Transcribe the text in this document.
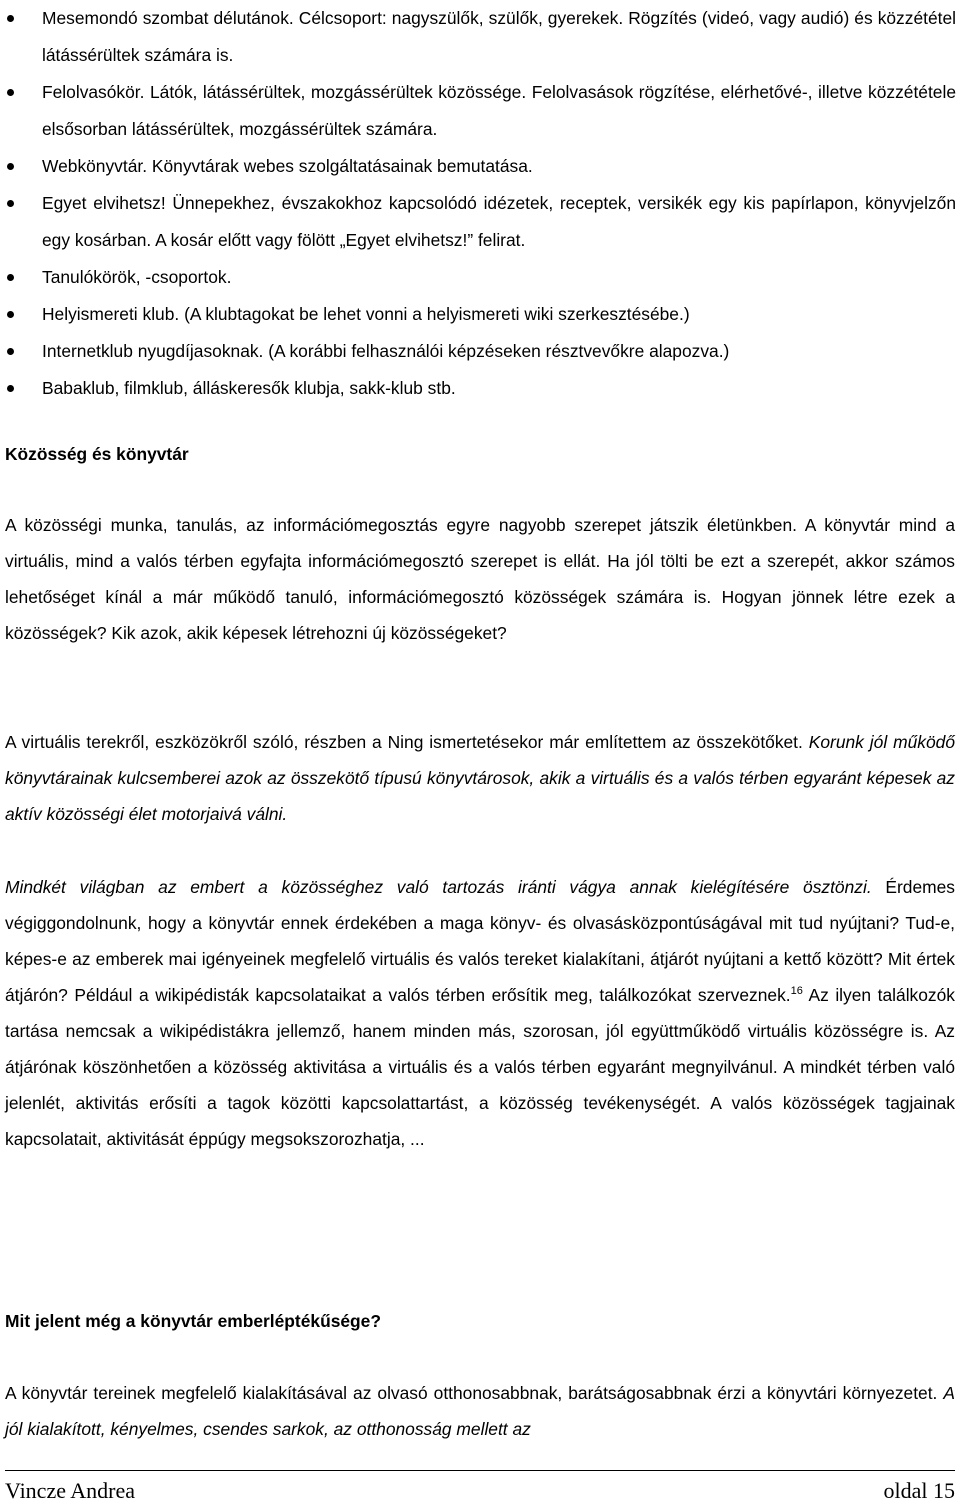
Mesemondó szombat délutánok. Célcsoport: nagyszülők, szülők, gyerekek. Rögzítés (videó, vagy audió) és közzététel látássérültek számára is.
Felolvasókör. Látók, látássérültek, mozgássérültek közössége. Felolvasások rögzítése, elérhetővé-, illetve közzététele elsősorban látássérültek, mozgássérültek számára.
Webkönyvtár. Könyvtárak webes szolgáltatásainak bemutatása.
Egyet elvihetsz! Ünnepekhez, évszakokhoz kapcsolódó idézetek, receptek, versikék egy kis papírlapon, könyvjelzőn egy kosárban. A kosár előtt vagy fölött „Egyet elvihetsz!” felirat.
Tanulókörök, -csoportok.
Helyismereti klub. (A klubtagokat be lehet vonni a helyismereti wiki szerkesztésébe.)
Internetklub nyugdíjasoknak. (A korábbi felhasználói képzéseken résztvevőkre alapozva.)
Babaklub, filmklub, álláskeresők klubja, sakk-klub stb.
Közösség és könyvtár

A közösségi munka, tanulás, az információmegosztás egyre nagyobb szerepet játszik életünkben. A könyvtár mind a virtuális, mind a valós térben egyfajta információmegosztó szerepet is ellát. Ha jól tölti be ezt a szerepét, akkor számos lehetőséget kínál a már működő tanuló, információmegosztó közösségek számára is. Hogyan jönnek létre ezek a közösségek? Kik azok, akik képesek létrehozni új közösségeket?

A virtuális terekről, eszközökről szóló, részben a Ning ismertetésekor már említettem az összekötőket. Korunk jól működő könyvtárainak kulcsemberei azok az összekötő típusú könyvtárosok, akik a virtuális és a valós térben egyaránt képesek az aktív közösségi élet motorjaivá válni.

Mindkét világban az embert a közösséghez való tartozás iránti vágya annak kielégítésére ösztönzi. Érdemes végiggondolnunk, hogy a könyvtár ennek érdekében a maga könyv- és olvasásközpontúságával mit tud nyújtani? Tud-e, képes-e az emberek mai igényeinek megfelelő virtuális és valós tereket kialakítani, átjárót nyújtani a kettő között? Mit értek átjárón? Például a wikipédisták kapcsolataikat a valós térben erősítik meg, találkozókat szerveznek.$^{16}$ Az ilyen találkozók tartása nemcsak a wikipédistákra jellemző, hanem minden más, szorosan, jól együttműködő virtuális közösségre is. Az átjárónak köszönhetően a közösség aktivitása a virtuális és a valós térben egyaránt megnyilvánul. A mindkét térben való jelenlét, aktivitás erősíti a tagok közötti kapcsolattartást, a közösség tevékenységét. A valós közösségek tagjainak kapcsolatait, aktivitását éppúgy megsokszorozhatja, ...

Mit jelent még a könyvtár emberléptékűsége?

A könyvtár tereinek megfelelő kialakításával az olvasó otthonosabbnak, barátságosabbnak érzi a könyvtári környezetet. A jól kialakított, kényelmes, csendes sarkok, az otthonosság mellett az

Vincze Andrea	oldal 15
